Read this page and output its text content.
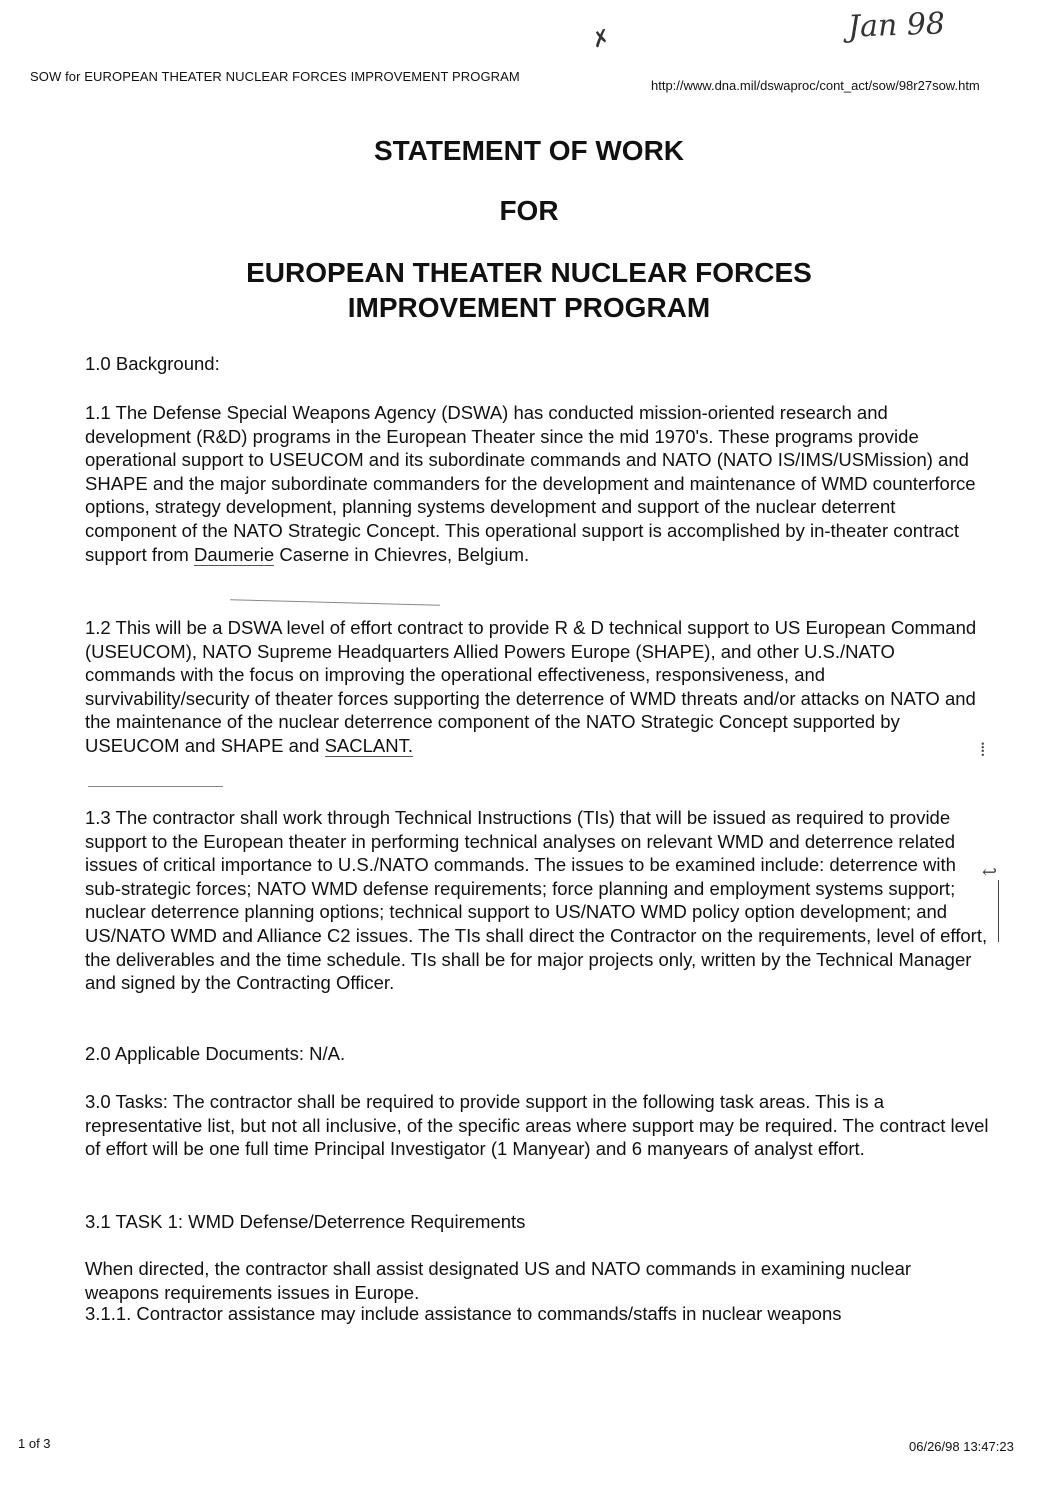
SOW for EUROPEAN THEATER NUCLEAR FORCES IMPROVEMENT PROGRAM
http://www.dna.mil/dswaproc/cont_act/sow/98r27sow.htm
Jan 98
✗
STATEMENT OF WORK
FOR
EUROPEAN THEATER NUCLEAR FORCES
IMPROVEMENT PROGRAM

1.0 Background:

1.1 The Defense Special Weapons Agency (DSWA) has conducted mission-oriented research and development (R&D) programs in the European Theater since the mid 1970's. These programs provide operational support to USEUCOM and its subordinate commands and NATO (NATO IS/IMS/USMission) and SHAPE and the major subordinate commanders for the development and maintenance of WMD counterforce options, strategy development, planning systems development and support of the nuclear deterrent component of the NATO Strategic Concept. This operational support is accomplished by in-theater contract support from Daumerie Caserne in Chievres, Belgium.

1.2 This will be a DSWA level of effort contract to provide R & D technical support to US European Command (USEUCOM), NATO Supreme Headquarters Allied Powers Europe (SHAPE), and other U.S./NATO commands with the focus on improving the operational effectiveness, responsiveness, and survivability/security of theater forces supporting the deterrence of WMD threats and/or attacks on NATO and the maintenance of the nuclear deterrence component of the NATO Strategic Concept supported by USEUCOM and SHAPE and SACLANT.	⁞

1.3 The contractor shall work through Technical Instructions (TIs) that will be issued as required to provide support to the European theater in performing technical analyses on relevant WMD and deterrence related issues of critical importance to U.S./NATO commands. The issues to be examined include: deterrence with sub-strategic forces; NATO WMD defense requirements; force planning and employment systems support; nuclear deterrence planning options; technical support to US/NATO WMD policy option development; and US/NATO WMD and Alliance C2 issues. The TIs shall direct the Contractor on the requirements, level of effort, the deliverables and the time schedule. TIs shall be for major projects only, written by the Technical Manager and signed by the Contracting Officer.

↩

2.0 Applicable Documents: N/A.

3.0 Tasks: The contractor shall be required to provide support in the following task areas. This is a representative list, but not all inclusive, of the specific areas where support may be required. The contract level of effort will be one full time Principal Investigator (1 Manyear) and 6 manyears of analyst effort.

3.1 TASK 1: WMD Defense/Deterrence Requirements

When directed, the contractor shall assist designated US and NATO commands in examining nuclear weapons requirements issues in Europe.

3.1.1. Contractor assistance may include assistance to commands/staffs in nuclear weapons

1 of 3	06/26/98 13:47:23
